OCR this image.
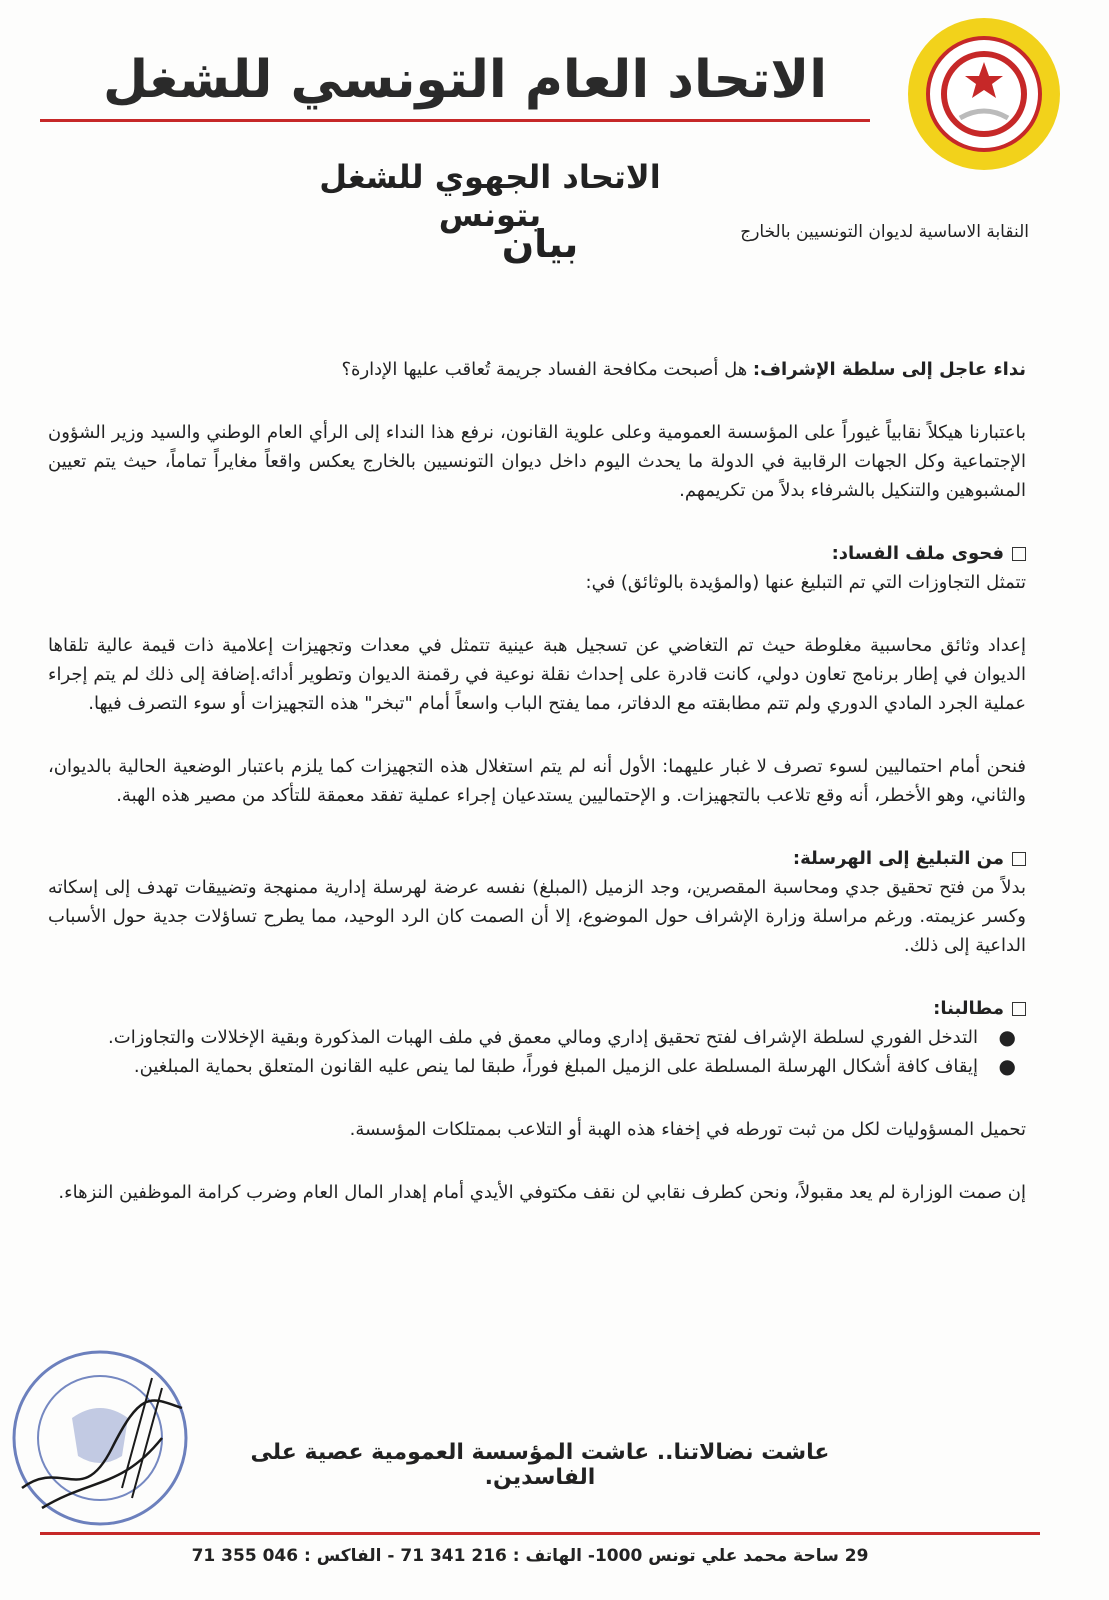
الاتحاد العام التونسي للشغل
الاتحاد الجهوي للشغل بتونس	النقابة الاساسية لديوان التونسيين بالخارج
بيان

نداء عاجل إلى سلطة الإشراف: هل أصبحت مكافحة الفساد جريمة تُعاقب عليها الإدارة؟

باعتبارنا هيكلاً نقابياً غيوراً على المؤسسة العمومية وعلى علوية القانون، نرفع هذا النداء إلى الرأي العام الوطني والسيد وزير الشؤون الإجتماعية وكل الجهات الرقابية في الدولة ما يحدث اليوم داخل ديوان التونسيين بالخارج يعكس واقعاً مغايراً تماماً، حيث يتم تعيين المشبوهين والتنكيل بالشرفاء بدلاً من تكريمهم.

فحوى ملف الفساد:

تتمثل التجاوزات التي تم التبليغ عنها (والمؤيدة بالوثائق) في:

إعداد وثائق محاسبية مغلوطة حيث تم التغاضي عن تسجيل هبة عينية تتمثل في معدات وتجهيزات إعلامية ذات قيمة عالية تلقاها الديوان في إطار برنامج تعاون دولي، كانت قادرة على إحداث نقلة نوعية في رقمنة الديوان وتطوير أدائه.إضافة إلى ذلك لم يتم إجراء عملية الجرد المادي الدوري ولم تتم مطابقته مع الدفاتر، مما يفتح الباب واسعاً أمام "تبخر" هذه التجهيزات أو سوء التصرف فيها.

فنحن أمام احتماليين لسوء تصرف لا غبار عليهما: الأول أنه لم يتم استغلال هذه التجهيزات كما يلزم باعتبار الوضعية الحالية بالديوان، والثاني، وهو الأخطر، أنه وقع تلاعب بالتجهيزات. و الإحتماليين يستدعيان إجراء عملية تفقد معمقة للتأكد من مصير هذه الهبة.

من التبليغ إلى الهرسلة:

بدلاً من فتح تحقيق جدي ومحاسبة المقصرين، وجد الزميل (المبلغ) نفسه عرضة لهرسلة إدارية ممنهجة وتضييقات تهدف إلى إسكاته وكسر عزيمته. ورغم مراسلة وزارة الإشراف حول الموضوع، إلا أن الصمت كان الرد الوحيد، مما يطرح تساؤلات جدية حول الأسباب الداعية إلى ذلك.

مطالبنا:

●
التدخل الفوري لسلطة الإشراف لفتح تحقيق إداري ومالي معمق في ملف الهبات المذكورة وبقية الإخلالات والتجاوزات.
●
إيقاف كافة أشكال الهرسلة المسلطة على الزميل المبلغ فوراً، طبقا لما ينص عليه القانون المتعلق بحماية المبلغين.

تحميل المسؤوليات لكل من ثبت تورطه في إخفاء هذه الهبة أو التلاعب بممتلكات المؤسسة.

إن صمت الوزارة لم يعد مقبولاً، ونحن كطرف نقابي لن نقف مكتوفي الأيدي أمام إهدار المال العام وضرب كرامة الموظفين النزهاء.

عاشت نضالاتنا.. عاشت المؤسسة العمومية عصية على الفاسدين.
29 ساحة محمد علي تونس 1000- الهاتف : 216 341 71 - الفاكس : 046 355 71
